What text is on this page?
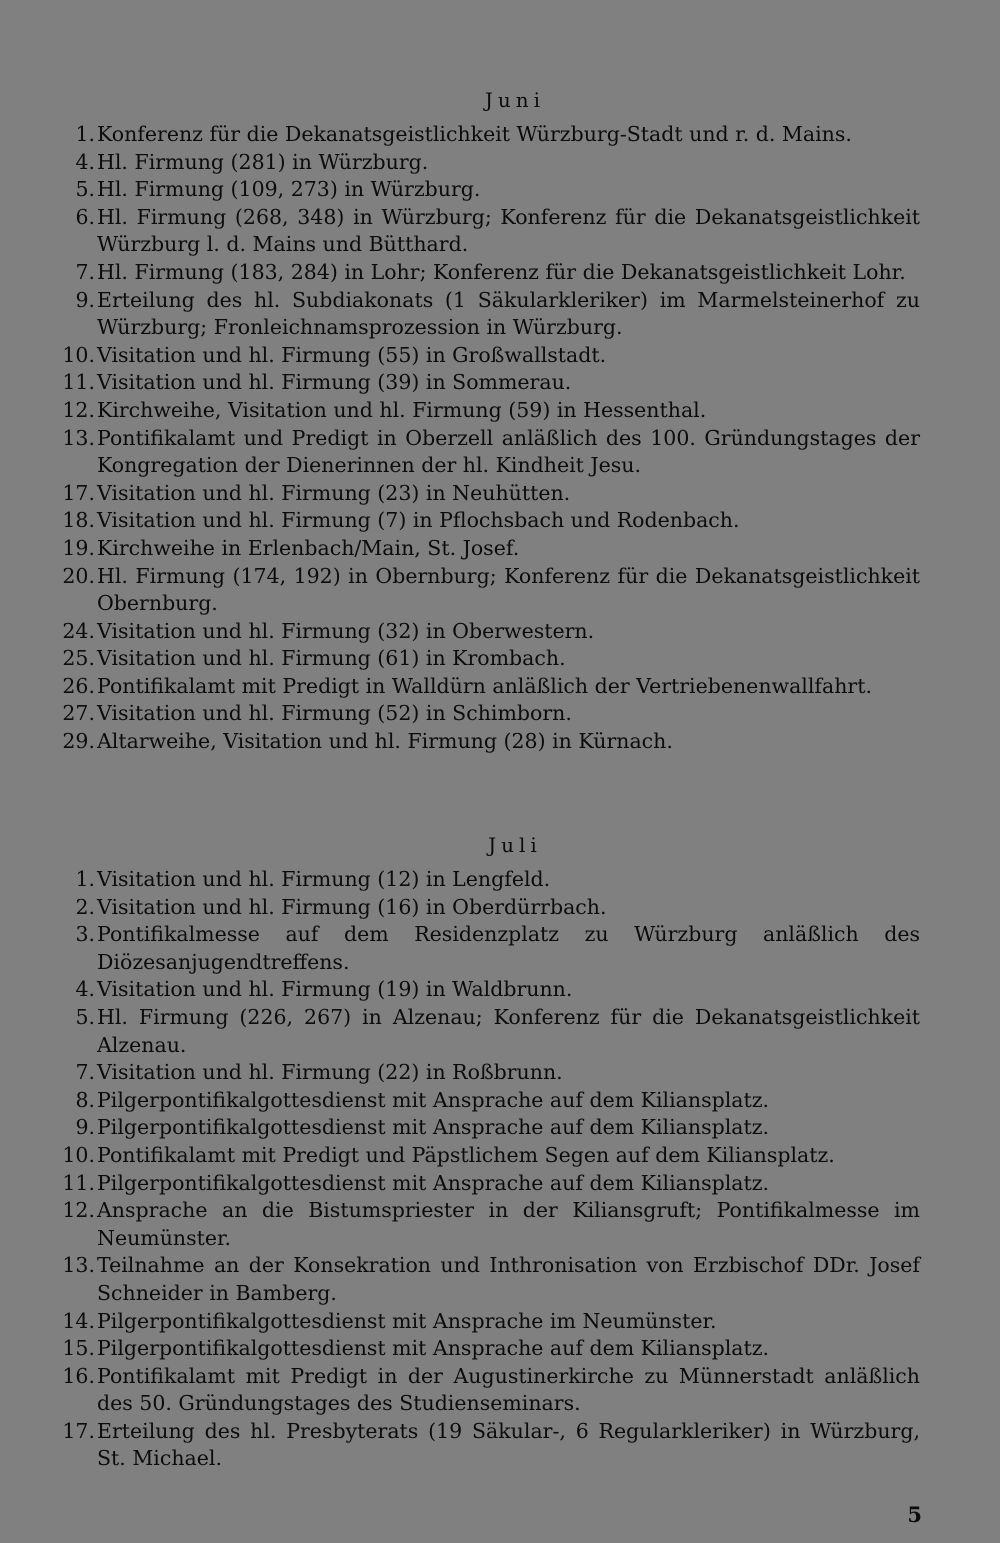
Juni
1. Konferenz für die Dekanatsgeistlichkeit Würzburg-Stadt und r. d. Mains.
4. Hl. Firmung (281) in Würzburg.
5. Hl. Firmung (109, 273) in Würzburg.
6. Hl. Firmung (268, 348) in Würzburg; Konferenz für die Dekanatsgeistlichkeit Würzburg l. d. Mains und Bütthard.
7. Hl. Firmung (183, 284) in Lohr; Konferenz für die Dekanatsgeistlichkeit Lohr.
9. Erteilung des hl. Subdiakonats (1 Säkularkleriker) im Marmelsteinerhof zu Würzburg; Fronleichnamsprozession in Würzburg.
10. Visitation und hl. Firmung (55) in Großwallstadt.
11. Visitation und hl. Firmung (39) in Sommerau.
12. Kirchweihe, Visitation und hl. Firmung (59) in Hessenthal.
13. Pontifikalamt und Predigt in Oberzell anläßlich des 100. Gründungstages der Kongregation der Dienerinnen der hl. Kindheit Jesu.
17. Visitation und hl. Firmung (23) in Neuhütten.
18. Visitation und hl. Firmung (7) in Pflochsbach und Rodenbach.
19. Kirchweihe in Erlenbach/Main, St. Josef.
20. Hl. Firmung (174, 192) in Obernburg; Konferenz für die Dekanatsgeistlichkeit Obernburg.
24. Visitation und hl. Firmung (32) in Oberwestern.
25. Visitation und hl. Firmung (61) in Krombach.
26. Pontifikalamt mit Predigt in Walldürn anläßlich der Vertriebenenwallfahrt.
27. Visitation und hl. Firmung (52) in Schimborn.
29. Altarweihe, Visitation und hl. Firmung (28) in Kürnach.
Juli
1. Visitation und hl. Firmung (12) in Lengfeld.
2. Visitation und hl. Firmung (16) in Oberdürrbach.
3. Pontifikalmesse auf dem Residenzplatz zu Würzburg anläßlich des Diözesanjugendtreffens.
4. Visitation und hl. Firmung (19) in Waldbrunn.
5. Hl. Firmung (226, 267) in Alzenau; Konferenz für die Dekanatsgeistlichkeit Alzenau.
7. Visitation und hl. Firmung (22) in Roßbrunn.
8. Pilgerpontifikalgottesdienst mit Ansprache auf dem Kiliansplatz.
9. Pilgerpontifikalgottesdienst mit Ansprache auf dem Kiliansplatz.
10. Pontifikalamt mit Predigt und Päpstlichem Segen auf dem Kiliansplatz.
11. Pilgerpontifikalgottesdienst mit Ansprache auf dem Kiliansplatz.
12. Ansprache an die Bistumspriester in der Kiliansgruft; Pontifikalmesse im Neumünster.
13. Teilnahme an der Konsekration und Inthronisation von Erzbischof DDr. Josef Schneider in Bamberg.
14. Pilgerpontifikalgottesdienst mit Ansprache im Neumünster.
15. Pilgerpontifikalgottesdienst mit Ansprache auf dem Kiliansplatz.
16. Pontifikalamt mit Predigt in der Augustinerkirche zu Münnerstadt anläßlich des 50. Gründungstages des Studienseminars.
17. Erteilung des hl. Presbyterats (19 Säkular-, 6 Regularkleriker) in Würzburg, St. Michael.
5
